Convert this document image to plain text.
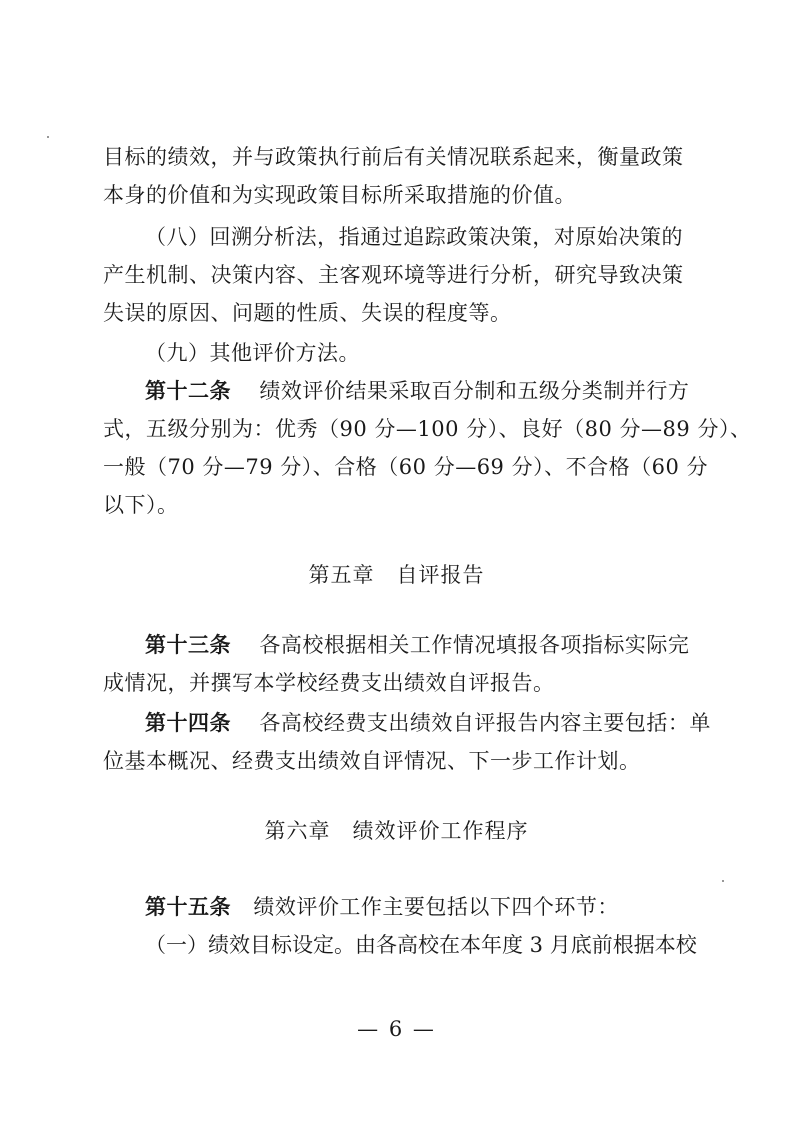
目标的绩效，并与政策执行前后有关情况联系起来，衡量政策
本身的价值和为实现政策目标所采取措施的价值。
（八）回溯分析法，指通过追踪政策决策，对原始决策的
产生机制、决策内容、主客观环境等进行分析，研究导致决策
失误的原因、问题的性质、失误的程度等。
（九）其他评价方法。
第十二条 绩效评价结果采取百分制和五级分类制并行方
式，五级分别为：优秀（90 分—100 分）、良好（80 分—89 分）、
一般（70 分—79 分）、合格（60 分—69 分）、不合格（60 分
以下）。
第五章 自评报告
第十三条 各高校根据相关工作情况填报各项指标实际完
成情况，并撰写本学校经费支出绩效自评报告。
第十四条 各高校经费支出绩效自评报告内容主要包括：单
位基本概况、经费支出绩效自评情况、下一步工作计划。
第六章 绩效评价工作程序
第十五条 绩效评价工作主要包括以下四个环节：
（一）绩效目标设定。由各高校在本年度 3 月底前根据本校
— 6 —
